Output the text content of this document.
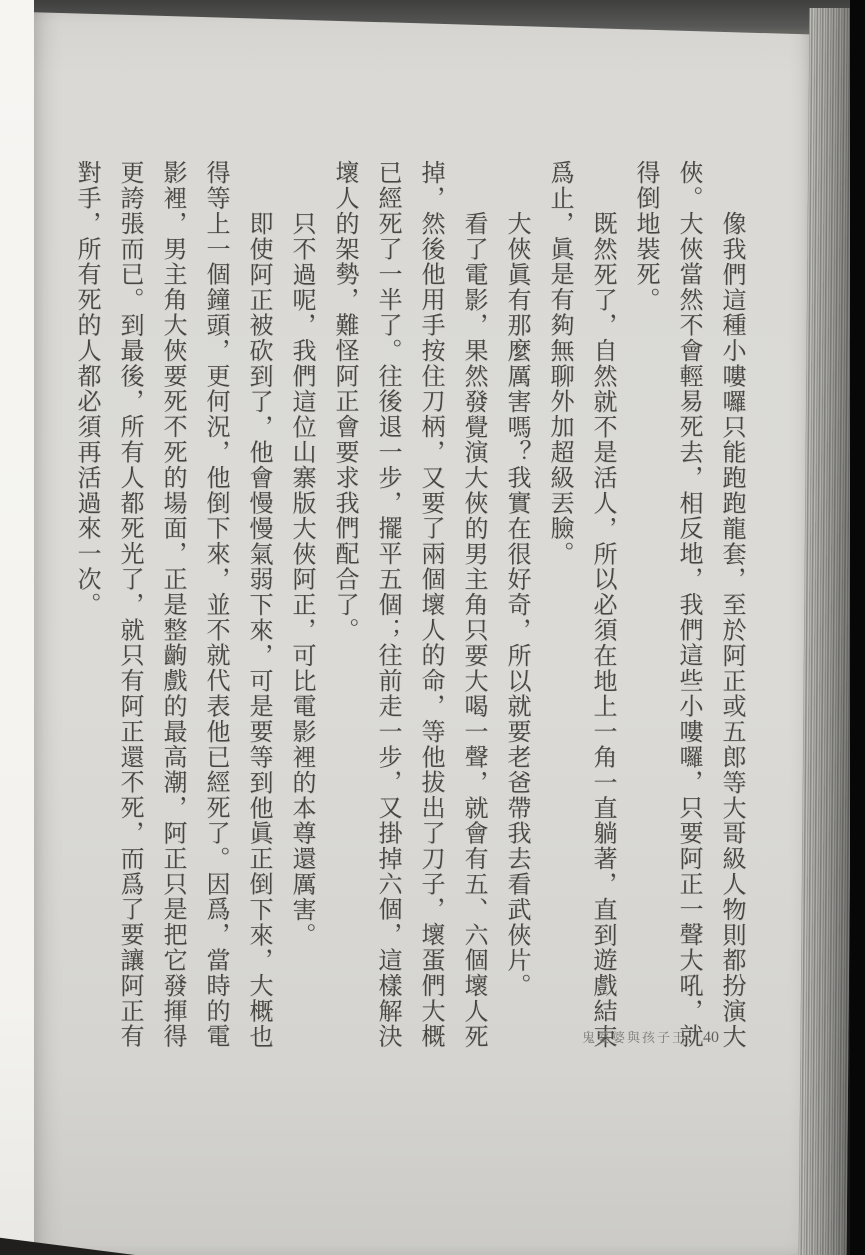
像我們這種小嘍囉只能跑跑龍套，至於阿正或五郎等大哥級人物則都扮演大
俠。大俠當然不會輕易死去，相反地，我們這些小嘍囉，只要阿正一聲大吼，就
得倒地裝死。
既然死了，自然就不是活人，所以必須在地上一角一直躺著，直到遊戲結束
爲止，眞是有夠無聊外加超級丟臉。
大俠眞有那麼厲害嗎？我實在很好奇，所以就要老爸帶我去看武俠片。
看了電影，果然發覺演大俠的男主角只要大喝一聲，就會有五、六個壞人死
掉，然後他用手按住刀柄，又要了兩個壞人的命，等他拔出了刀子，壞蛋們大概
已經死了一半了。往後退一步，擺平五個；往前走一步，又掛掉六個，這樣解決
壞人的架勢，難怪阿正會要求我們配合了。
只不過呢，我們這位山寨版大俠阿正，可比電影裡的本尊還厲害。
即使阿正被砍到了，他會慢慢氣弱下來，可是要等到他眞正倒下來，大概也
得等上一個鐘頭，更何況，他倒下來，並不就代表他已經死了。因爲，當時的電
影裡，男主角大俠要死不死的場面，正是整齣戲的最高潮，阿正只是把它發揮得
更誇張而已。到最後，所有人都死光了，就只有阿正還不死，而爲了要讓阿正有
對手，所有死的人都必須再活過來一次。
鬼婆婆與孩子王 40
